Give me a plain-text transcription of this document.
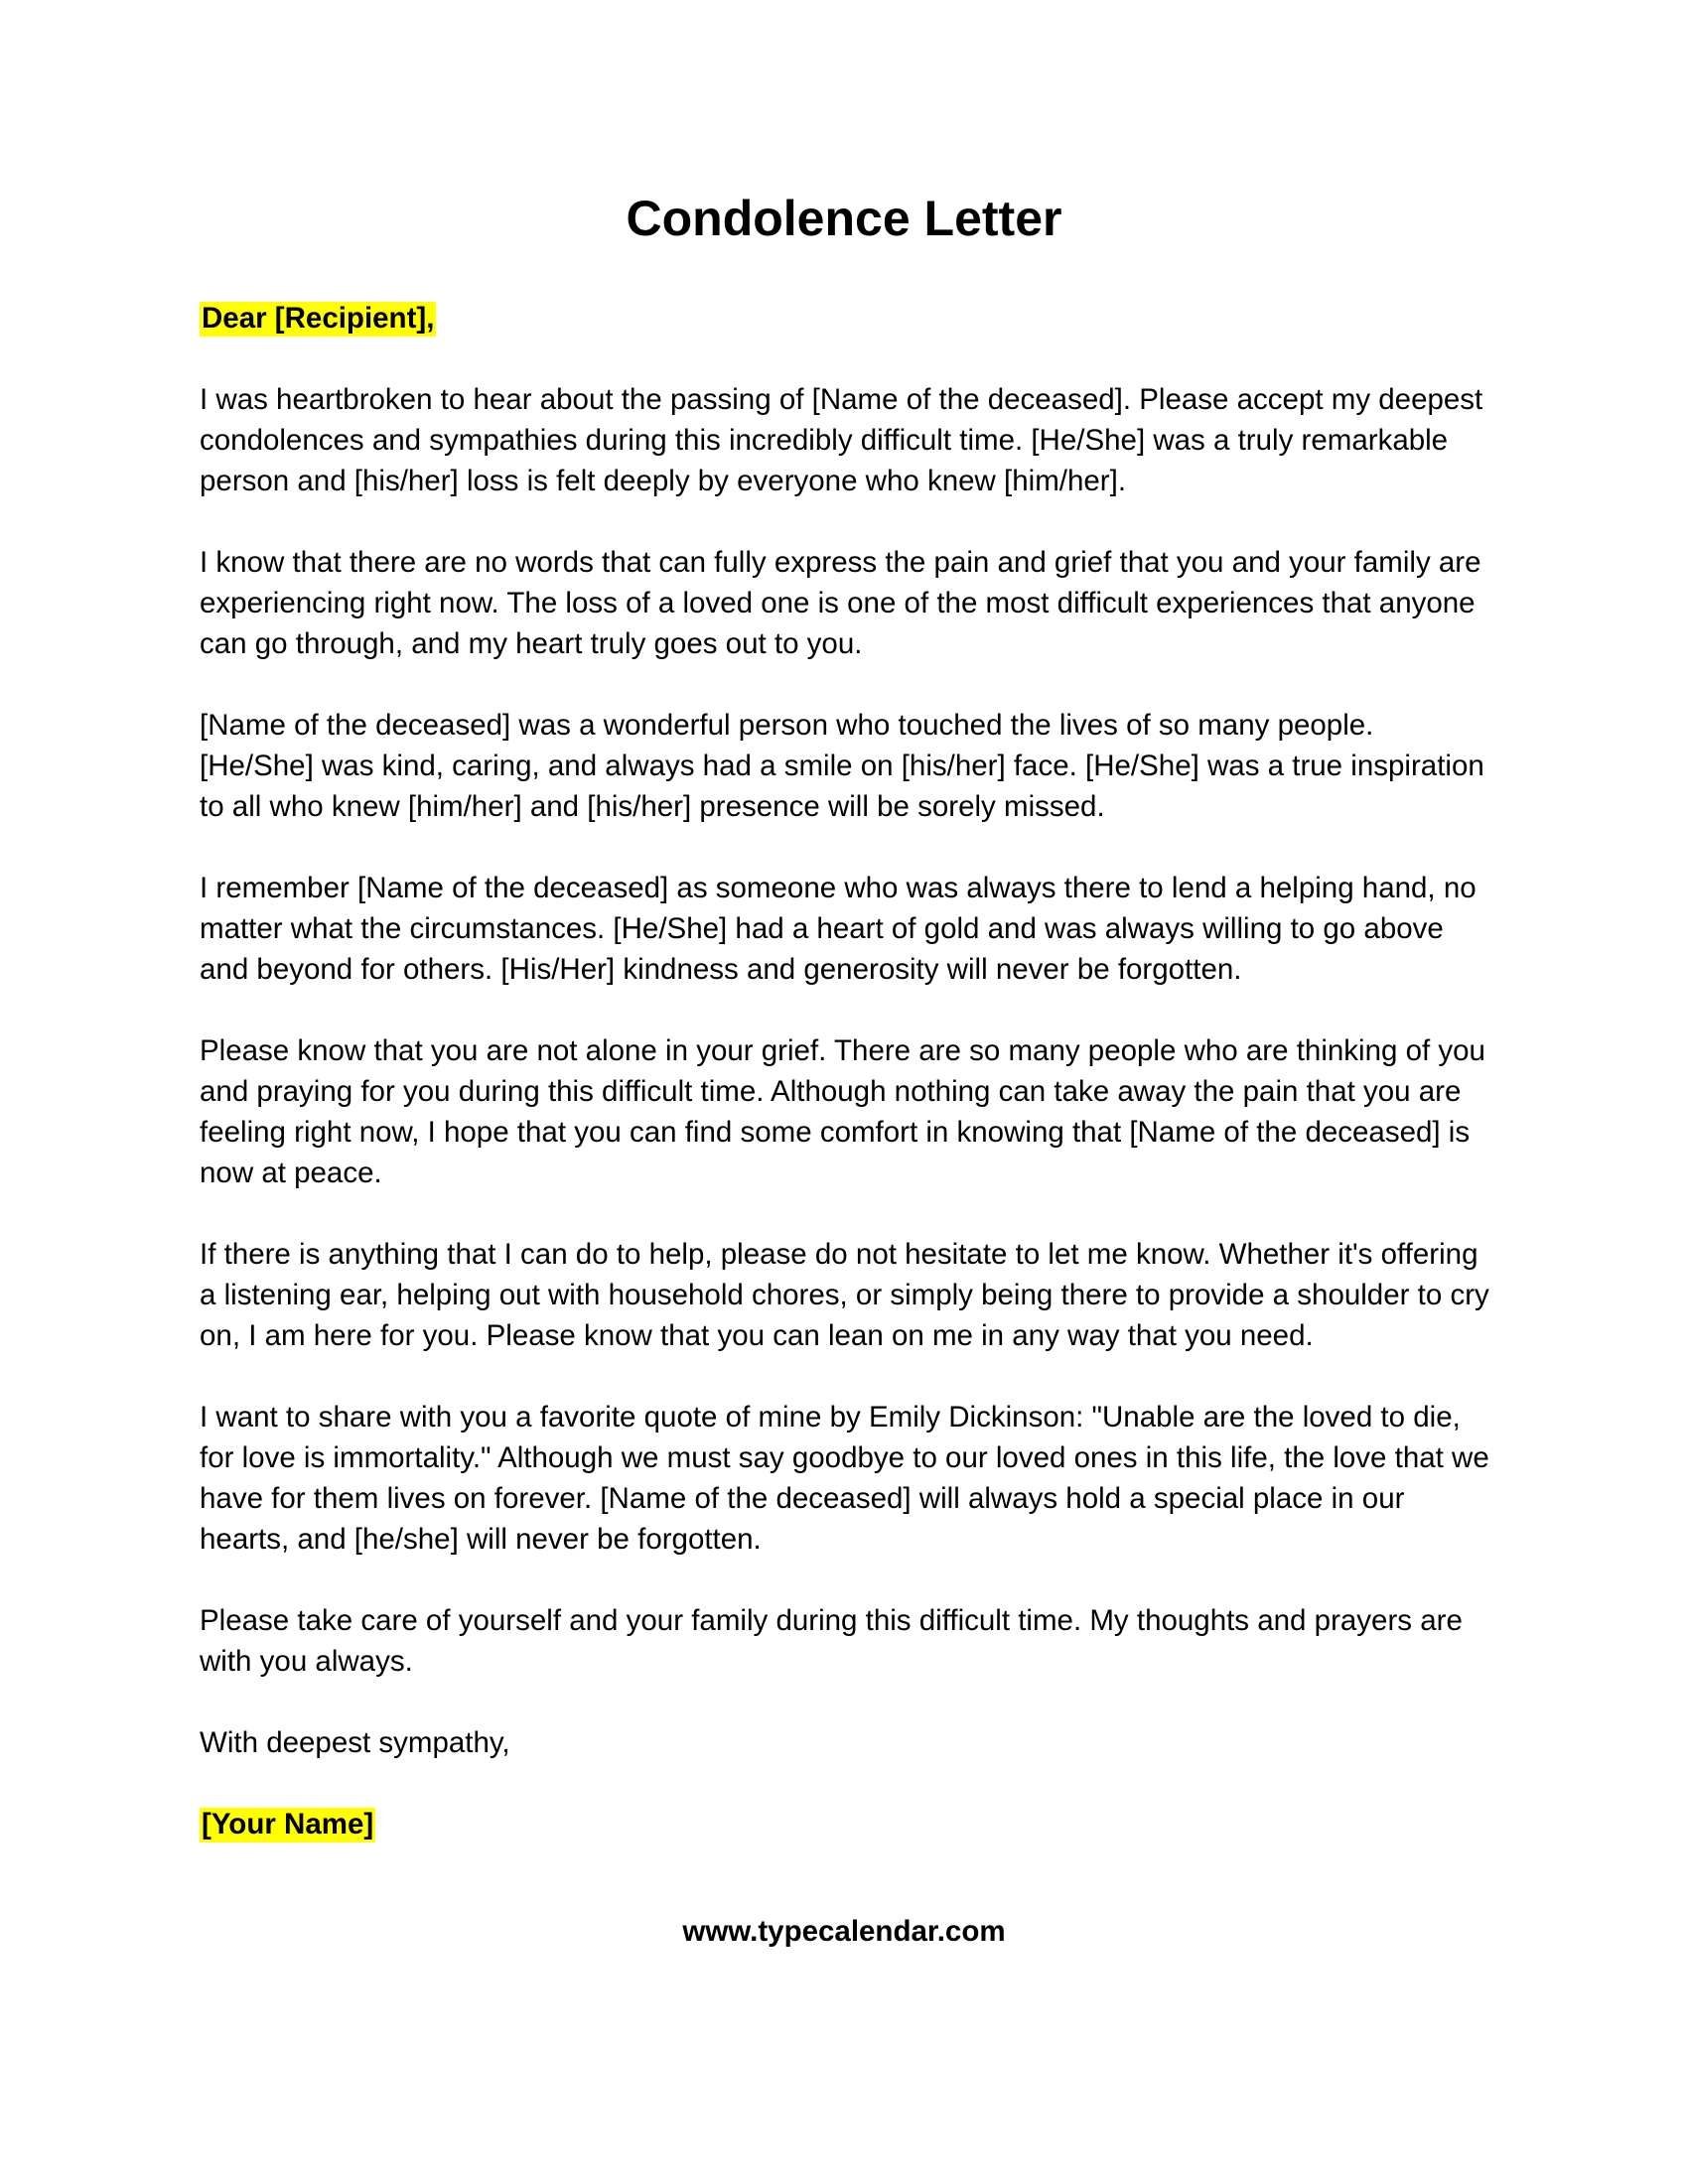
Condolence Letter

Dear [Recipient],

I was heartbroken to hear about the passing of [Name of the deceased]. Please accept my deepest condolences and sympathies during this incredibly difficult time. [He/She] was a truly remarkable person and [his/her] loss is felt deeply by everyone who knew [him/her].

I know that there are no words that can fully express the pain and grief that you and your family are experiencing right now. The loss of a loved one is one of the most difficult experiences that anyone can go through, and my heart truly goes out to you.

[Name of the deceased] was a wonderful person who touched the lives of so many people. [He/She] was kind, caring, and always had a smile on [his/her] face. [He/She] was a true inspiration to all who knew [him/her] and [his/her] presence will be sorely missed.

I remember [Name of the deceased] as someone who was always there to lend a helping hand, no matter what the circumstances. [He/She] had a heart of gold and was always willing to go above and beyond for others. [His/Her] kindness and generosity will never be forgotten.

Please know that you are not alone in your grief. There are so many people who are thinking of you and praying for you during this difficult time. Although nothing can take away the pain that you are feeling right now, I hope that you can find some comfort in knowing that [Name of the deceased] is now at peace.

If there is anything that I can do to help, please do not hesitate to let me know. Whether it's offering a listening ear, helping out with household chores, or simply being there to provide a shoulder to cry on, I am here for you. Please know that you can lean on me in any way that you need.

I want to share with you a favorite quote of mine by Emily Dickinson: "Unable are the loved to die, for love is immortality." Although we must say goodbye to our loved ones in this life, the love that we have for them lives on forever. [Name of the deceased] will always hold a special place in our hearts, and [he/she] will never be forgotten.

Please take care of yourself and your family during this difficult time. My thoughts and prayers are with you always.

With deepest sympathy,

[Your Name]

www.typecalendar.com
